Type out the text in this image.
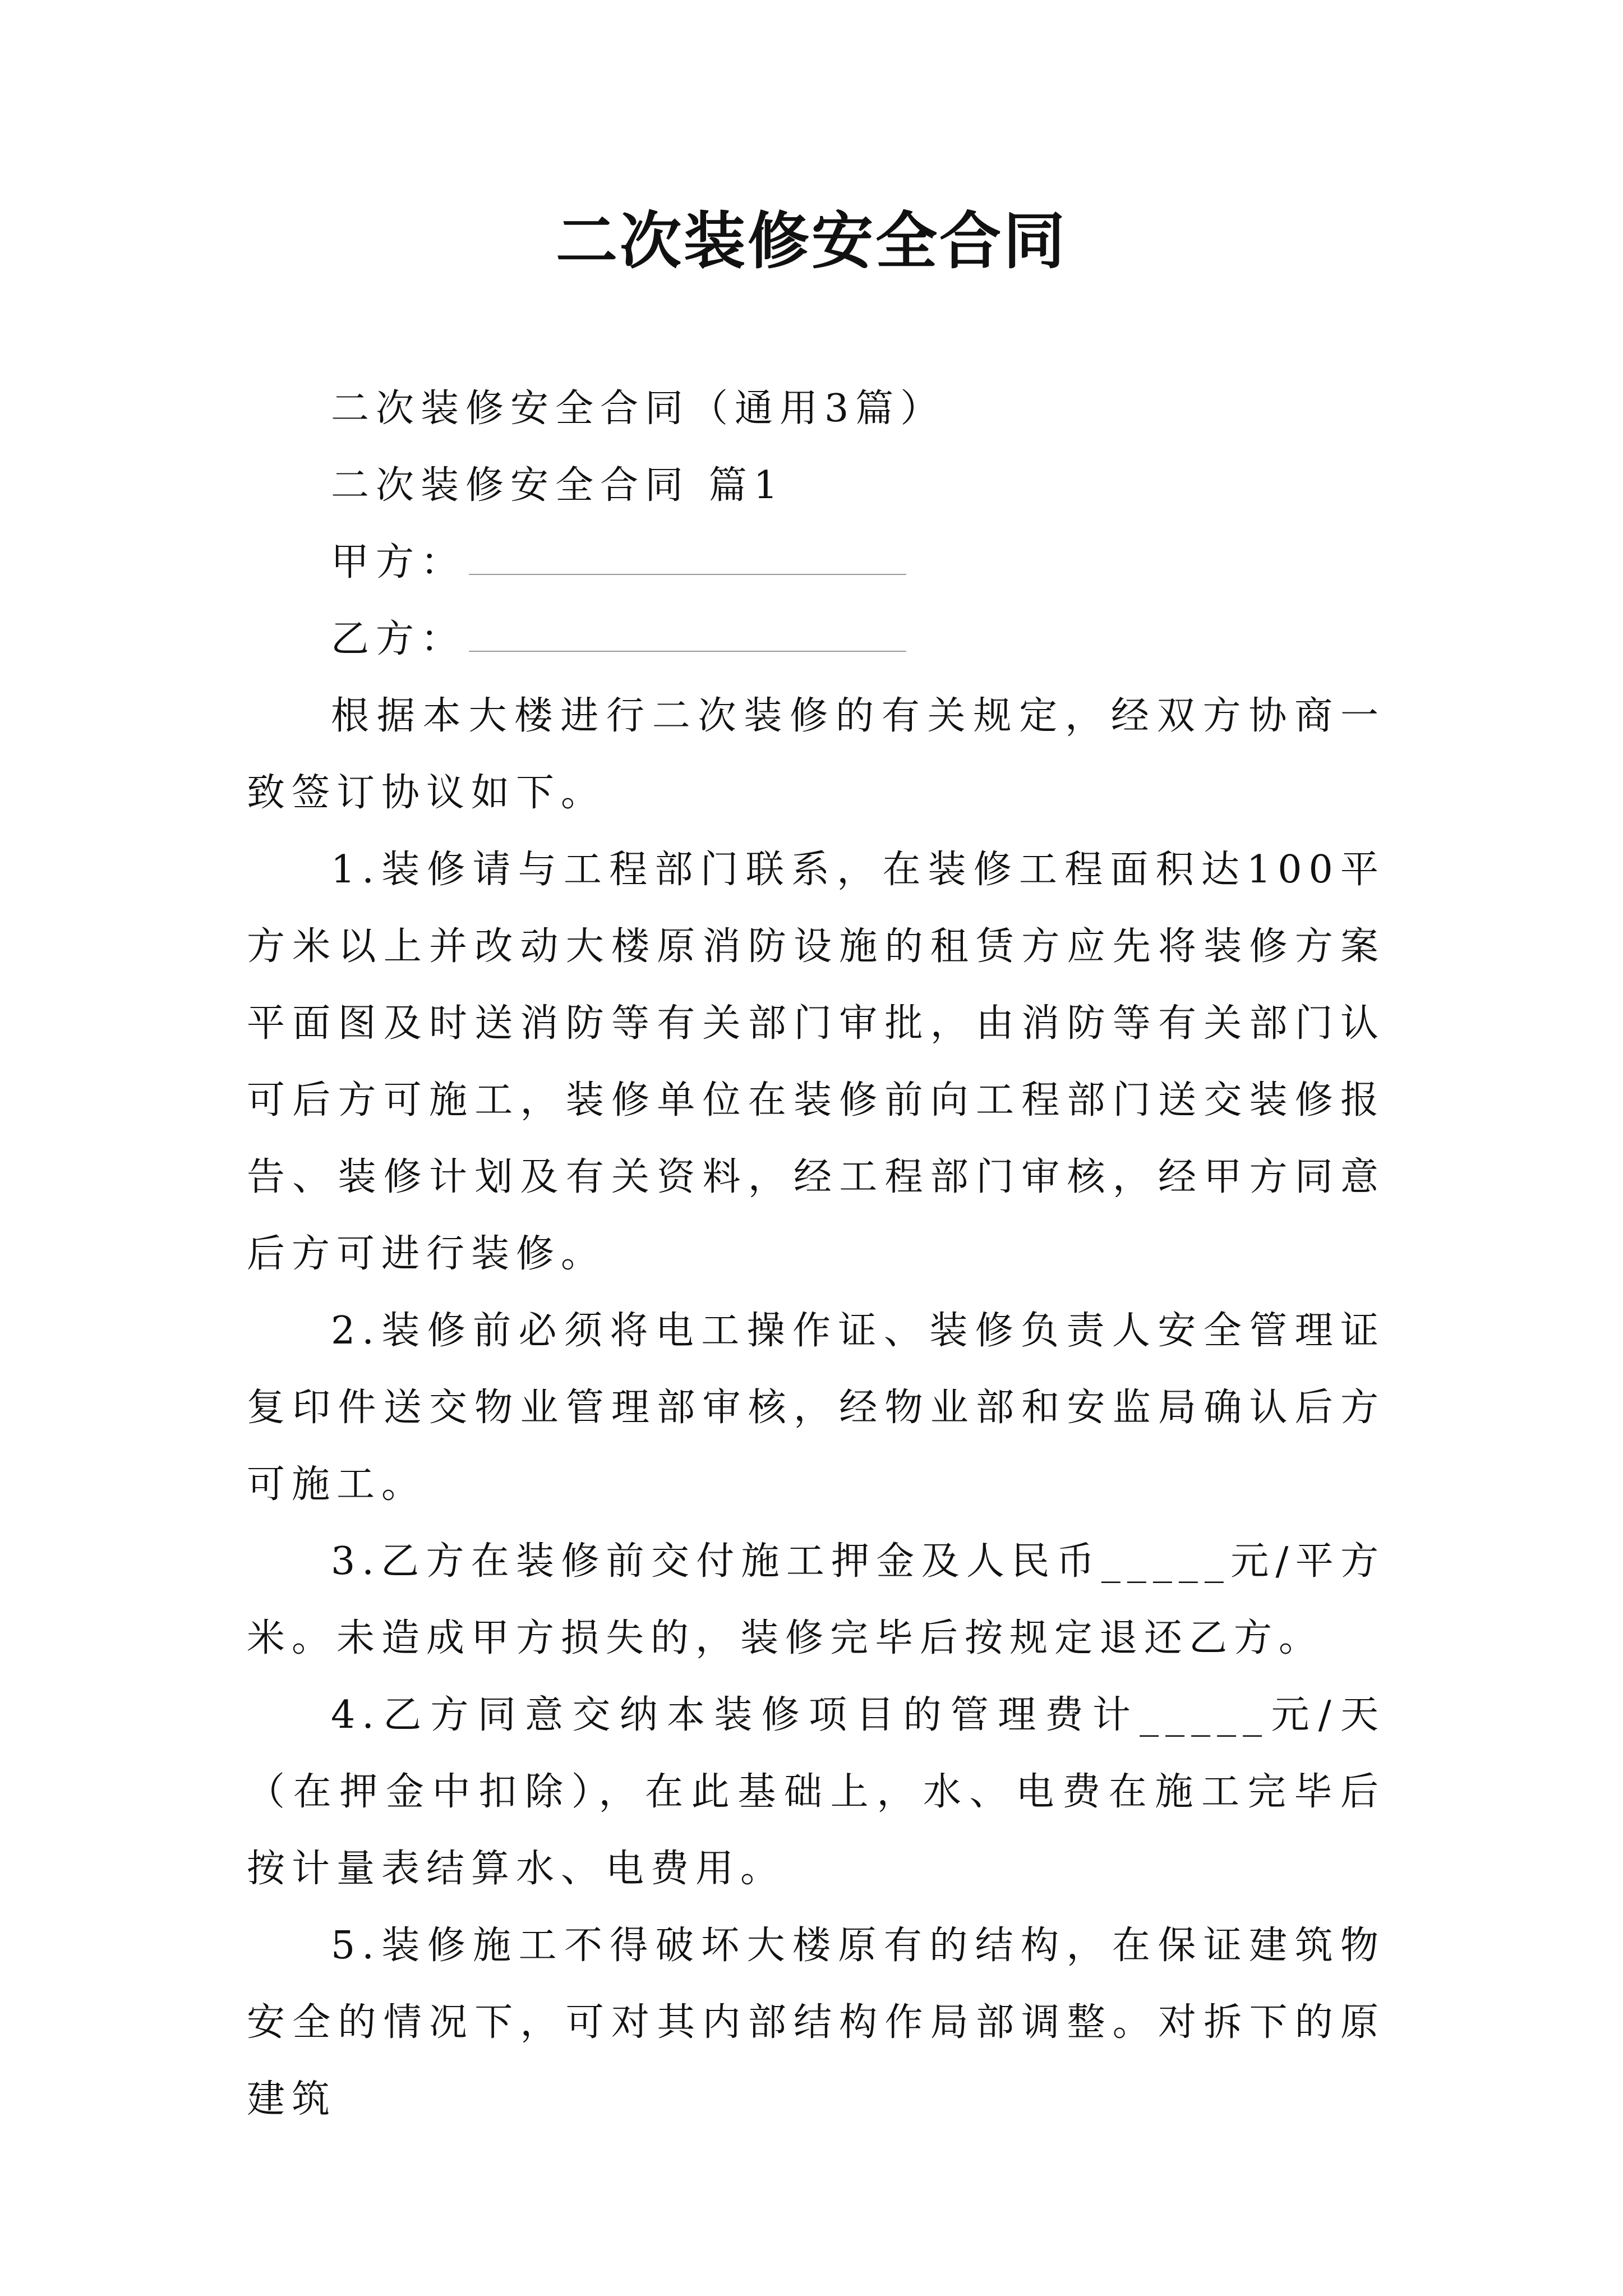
二次装修安全合同

二次装修安全合同（通用3篇）

二次装修安全合同 篇1

甲方：

乙方：

根据本大楼进行二次装修的有关规定，经双方协商一致签订协议如下。

1.装修请与工程部门联系，在装修工程面积达100平方米以上并改动大楼原消防设施的租赁方应先将装修方案平面图及时送消防等有关部门审批，由消防等有关部门认可后方可施工，装修单位在装修前向工程部门送交装修报告、装修计划及有关资料，经工程部门审核，经甲方同意后方可进行装修。

2.装修前必须将电工操作证、装修负责人安全管理证复印件送交物业管理部审核，经物业部和安监局确认后方可施工。

3.乙方在装修前交付施工押金及人民币_____元/平方米。未造成甲方损失的，装修完毕后按规定退还乙方。

4.乙方同意交纳本装修项目的管理费计_____元/天（在押金中扣除），在此基础上，水、电费在施工完毕后按计量表结算水、电费用。

5.装修施工不得破坏大楼原有的结构，在保证建筑物安全的情况下，可对其内部结构作局部调整。对拆下的原建筑
